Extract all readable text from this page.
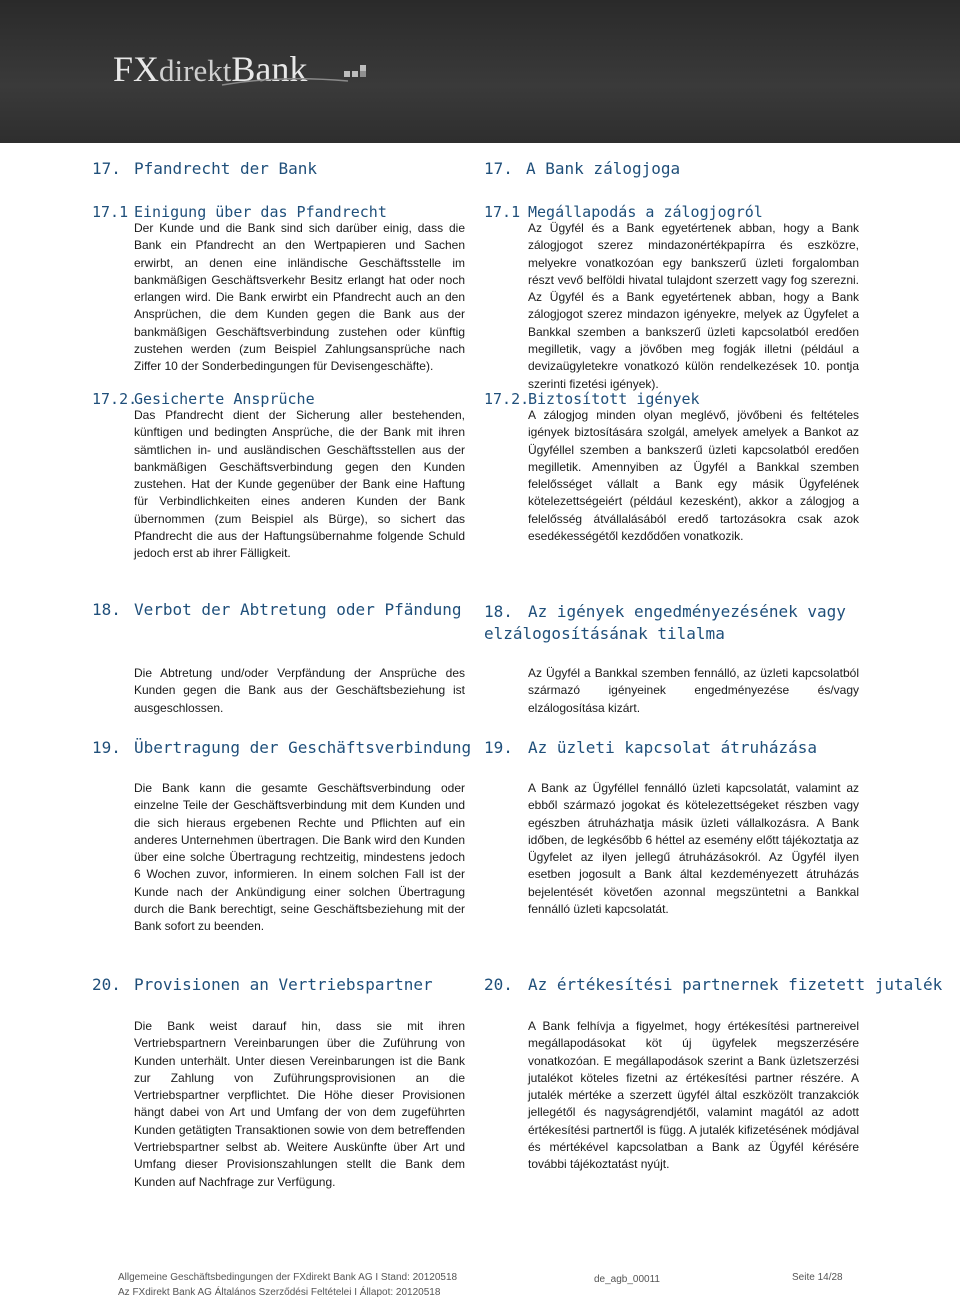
FXdirektBank
17. Pfandrecht der Bank
17.1 Einigung über das Pfandrecht
Der Kunde und die Bank sind sich darüber einig, dass die Bank ein Pfandrecht an den Wertpapieren und Sachen erwirbt, an denen eine inländische Geschäftsstelle im bankmäßigen Geschäftsverkehr Besitz erlangt hat oder noch erlangen wird. Die Bank erwirbt ein Pfandrecht auch an den Ansprüchen, die dem Kunden gegen die Bank aus der bankmäßigen Geschäftsverbindung zustehen oder künftig zustehen werden (zum Beispiel Zahlungsansprüche nach Ziffer 10 der Sonderbedingungen für Devisengeschäfte).
17.2.Gesicherte Ansprüche
Das Pfandrecht dient der Sicherung aller bestehenden, künftigen und bedingten Ansprüche, die der Bank mit ihren sämtlichen in- und ausländischen Geschäftsstellen aus der bankmäßigen Geschäftsverbindung gegen den Kunden zustehen. Hat der Kunde gegenüber der Bank eine Haftung für Verbindlichkeiten eines anderen Kunden der Bank übernommen (zum Beispiel als Bürge), so sichert das Pfandrecht die aus der Haftungsübernahme folgende Schuld jedoch erst ab ihrer Fälligkeit.
18. Verbot der Abtretung oder Pfändung
Die Abtretung und/oder Verpfändung der Ansprüche des Kunden gegen die Bank aus der Geschäftsbeziehung ist ausgeschlossen.
19. Übertragung der Geschäftsverbindung
Die Bank kann die gesamte Geschäftsverbindung oder einzelne Teile der Geschäftsverbindung mit dem Kunden und die sich hieraus ergebenen Rechte und Pflichten auf ein anderes Unternehmen übertragen. Die Bank wird den Kunden über eine solche Übertragung rechtzeitig, mindestens jedoch 6 Wochen zuvor, informieren. In einem solchen Fall ist der Kunde nach der Ankündigung einer solchen Übertragung durch die Bank berechtigt, seine Geschäftsbeziehung mit der Bank sofort zu beenden.
20. Provisionen an Vertriebspartner
Die Bank weist darauf hin, dass sie mit ihren Vertriebspartnern Vereinbarungen über die Zuführung von Kunden unterhält. Unter diesen Vereinbarungen ist die Bank zur Zahlung von Zuführungsprovisionen an die Vertriebspartner verpflichtet. Die Höhe dieser Provisionen hängt dabei von Art und Umfang der von dem zugeführten Kunden getätigten Transaktionen sowie von dem betreffenden Vertriebspartner selbst ab. Weitere Auskünfte über Art und Umfang dieser Provisionszahlungen stellt die Bank dem Kunden auf Nachfrage zur Verfügung.
17. A Bank zálogjoga
17.1 Megállapodás a zálogjogról
Az Ügyfél és a Bank egyetértenek abban, hogy a Bank zálogjogot szerez mindazonértékpapírra és eszközre, melyekre vonatkozóan egy bankszerű üzleti forgalomban részt vevő belföldi hivatal tulajdont szerzett vagy fog szerezni. Az Ügyfél és a Bank egyetértenek abban, hogy a Bank zálogjogot szerez mindazon igényekre, melyek az Ügyfelet a Bankkal szemben a bankszerű üzleti kapcsolatból eredően megilletik, vagy a jövőben meg fogják illetni (például a devizaügyletekre vonatkozó külön rendelkezések 10. pontja szerinti fizetési igények).
17.2.Biztosított igények
A zálogjog minden olyan meglévő, jövőbeni és feltételes igények biztosítására szolgál, amelyek amelyek a Bankot az Ügyféllel szemben a bankszerű üzleti kapcsolatból eredően megilletik. Amennyiben az Ügyfél a Bankkal szemben felelősséget vállalt a Bank egy másik Ügyfelének kötelezettségeiért (például kezesként), akkor a zálogjog a felelősség átvállalásából eredő tartozásokra csak azok esedékességétől kezdődően vonatkozik.
18. Az igények engedményezésének vagy
elzálogosításának tilalma
Az Ügyfél a Bankkal szemben fennálló, az üzleti kapcsolatból származó igényeinek engedményezése és/vagy elzálogosítása kizárt.
19. Az üzleti kapcsolat átruházása
A Bank az Ügyféllel fennálló üzleti kapcsolatát, valamint az ebből származó jogokat és kötelezettségeket részben vagy egészben átruházhatja másik üzleti vállalkozásra. A Bank időben, de legkésőbb 6 héttel az esemény előtt tájékoztatja az Ügyfelet az ilyen jellegű átruházásokról. Az Ügyfél ilyen esetben jogosult a Bank által kezdeményezett átruházás bejelentését követően azonnal megszüntetni a Bankkal fennálló üzleti kapcsolatát.
20. Az értékesítési partnernek fizetett jutalék
A Bank felhívja a figyelmet, hogy értékesítési partnereivel megállapodásokat köt új ügyfelek megszerzésére vonatkozóan. E megállapodások szerint a Bank üzletszerzési jutalékot köteles fizetni az értékesítési partner részére. A jutalék mértéke a szerzett ügyfél által eszközölt tranzakciók jellegétől és nagyságrendjétől, valamint magától az adott értékesítési partnertől is függ. A jutalék kifizetésének módjával és mértékével kapcsolatban a Bank az Ügyfél kérésére további tájékoztatást nyújt.
Allgemeine Geschäftsbedingungen der FXdirekt Bank AG I Stand: 20120518
Az FXdirekt Bank AG Általános Szerződési Feltételei I Állapot: 20120518
de_agb_00011	Seite 14/28
